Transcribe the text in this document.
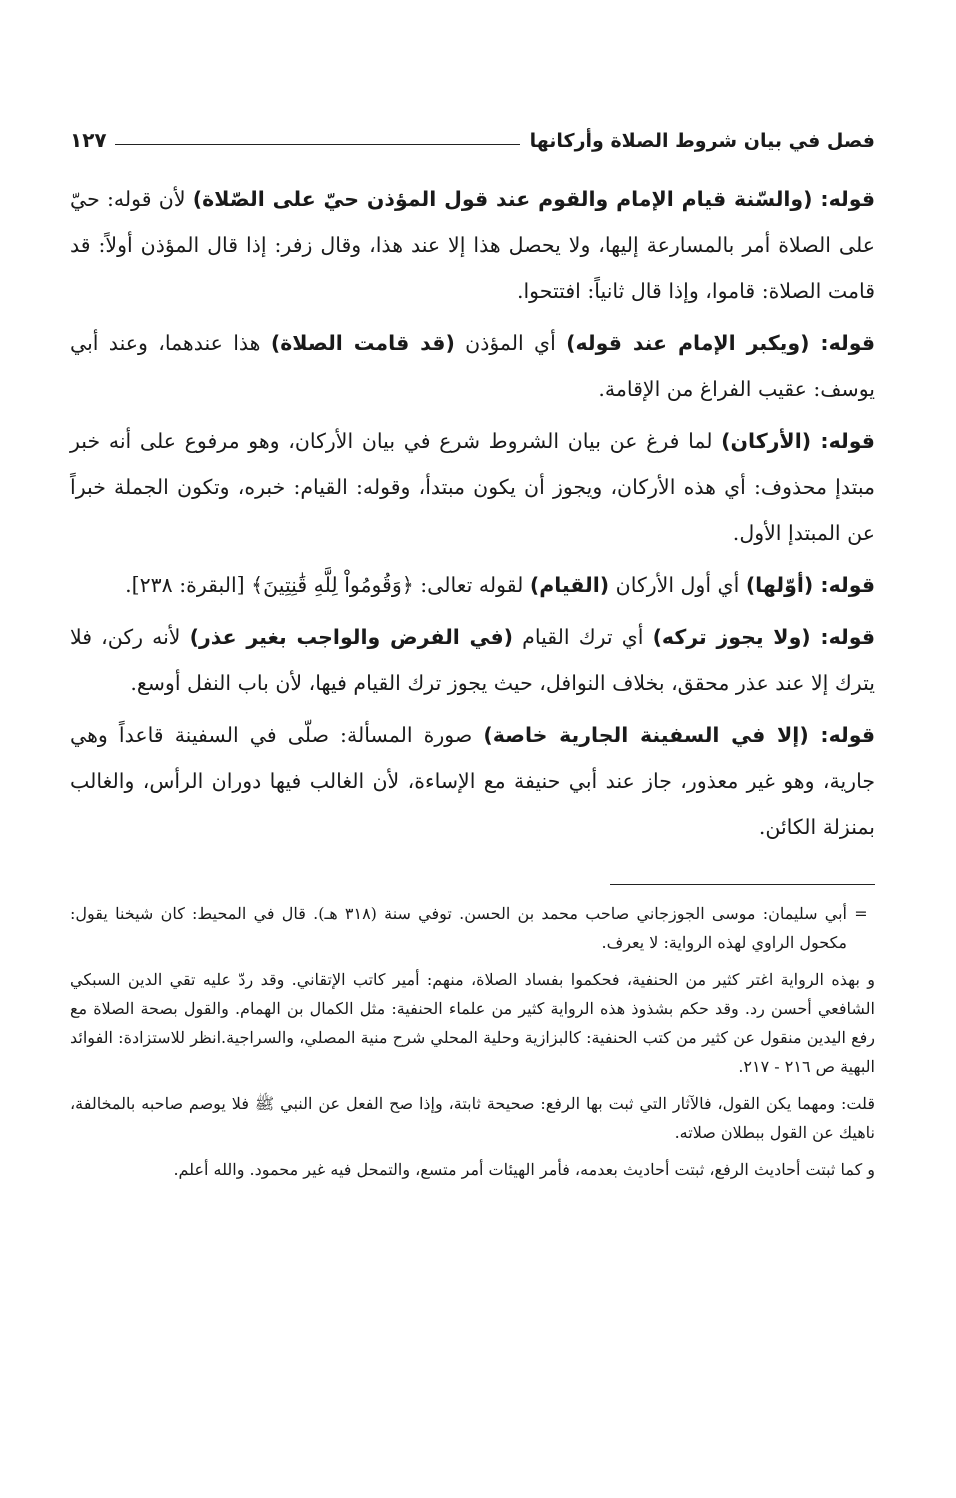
فصل في بيان شروط الصلاة وأركانها
١٢٧

قوله: (والسّنة قيام الإمام والقوم عند قول المؤذن حيّ على الصّلاة) لأن قوله: حيّ على الصلاة أمر بالمسارعة إليها، ولا يحصل هذا إلا عند هذا، وقال زفر: إذا قال المؤذن أولاً: قد قامت الصلاة: قاموا، وإذا قال ثانياً: افتتحوا.

قوله: (ويكبر الإمام عند قوله) أي المؤذن (قد قامت الصلاة) هذا عندهما، وعند أبي يوسف: عقيب الفراغ من الإقامة.

قوله: (الأركان) لما فرغ عن بيان الشروط شرع في بيان الأركان، وهو مرفوع على أنه خبر مبتدإ محذوف: أي هذه الأركان، ويجوز أن يكون مبتدأ، وقوله: القيام: خبره، وتكون الجملة خبراً عن المبتدإ الأول.

قوله: (أوّلها) أي أول الأركان (القيام) لقوله تعالى: ﴿وَقُومُواْ لِلَّهِ قَٰنِتِينَ﴾ [البقرة: ٢٣٨].

قوله: (ولا يجوز تركه) أي ترك القيام (في الفرض والواجب بغير عذر) لأنه ركن، فلا يترك إلا عند عذر محقق، بخلاف النوافل، حيث يجوز ترك القيام فيها، لأن باب النفل أوسع.

قوله: (إلا في السفينة الجارية خاصة) صورة المسألة: صلّى في السفينة قاعداً وهي جارية، وهو غير معذور، جاز عند أبي حنيفة مع الإساءة، لأن الغالب فيها دوران الرأس، والغالب بمنزلة الكائن.

=أبي سليمان: موسى الجوزجاني صاحب محمد بن الحسن. توفي سنة (٣١٨ هـ). قال في المحيط: كان شيخنا يقول: مكحول الراوي لهذه الرواية: لا يعرف.

و بهذه الرواية اغتر كثير من الحنفية، فحكموا بفساد الصلاة، منهم: أمير كاتب الإتقاني. وقد ردّ عليه تقي الدين السبكي الشافعي أحسن رد. وقد حكم بشذوذ هذه الرواية كثير من علماء الحنفية: مثل الكمال بن الهمام. والقول بصحة الصلاة مع رفع اليدين منقول عن كثير من كتب الحنفية: كالبزازية وحلية المحلي شرح منية المصلي، والسراجية.انظر للاستزادة: الفوائد البهية ص ٢١٦ - ٢١٧.

قلت: ومهما يكن القول، فالآثار التي ثبت بها الرفع: صحيحة ثابتة، وإذا صح الفعل عن النبي ﷺ فلا يوصم صاحبه بالمخالفة، ناهيك عن القول ببطلان صلاته.

و كما ثبتت أحاديث الرفع، ثبتت أحاديث بعدمه، فأمر الهيئات أمر متسع، والتمحل فيه غير محمود. والله أعلم.
